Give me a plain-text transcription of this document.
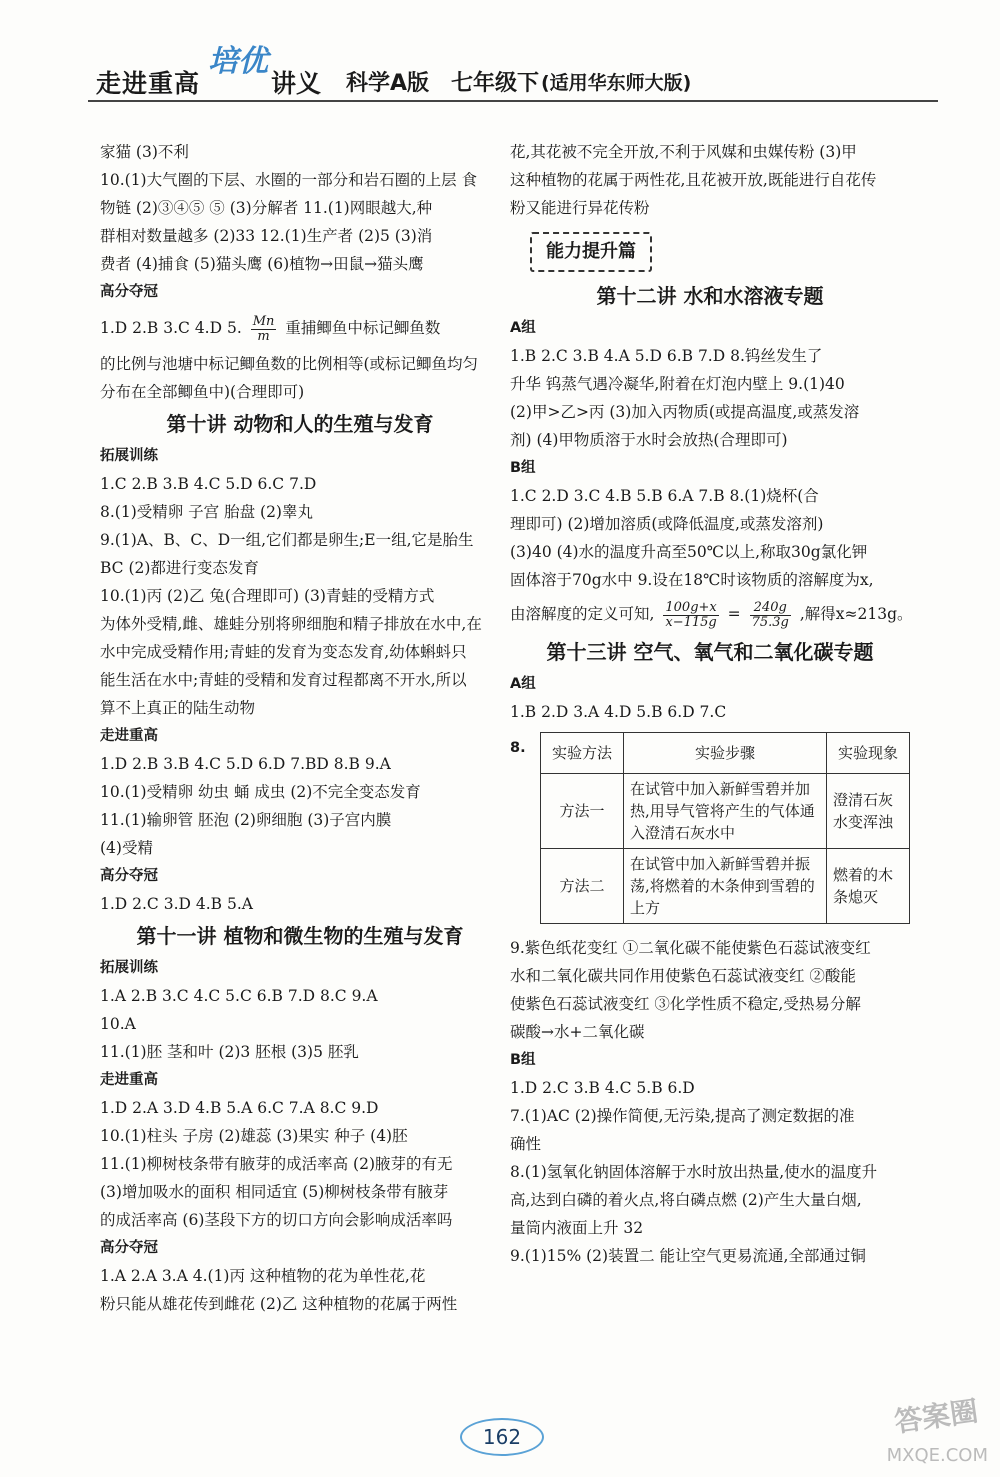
走进重高
培优
讲义 科学A版 七年级下 (适用华东师大版)
家猫 (3)不利
10.(1)大气圈的下层、水圈的一部分和岩石圈的上层 食
物链 (2)③④⑤ ⑤ (3)分解者 11.(1)网眼越大,种
群相对数量越多 (2)33 12.(1)生产者 (2)5 (3)消
费者 (4)捕食 (5)猫头鹰 (6)植物→田鼠→猫头鹰
高分夺冠
1.D 2.B 3.C 4.D 5. $\frac{Mn}{m}$ 重捕鲫鱼中标记鲫鱼数
的比例与池塘中标记鲫鱼数的比例相等(或标记鲫鱼均匀
分布在全部鲫鱼中)(合理即可)
第十讲 动物和人的生殖与发育
拓展训练
1.C 2.B 3.B 4.C 5.D 6.C 7.D
8.(1)受精卵 子宫 胎盘 (2)睾丸
9.(1)A、B、C、D一组,它们都是卵生;E一组,它是胎生
BC (2)都进行变态发育
10.(1)丙 (2)乙 兔(合理即可) (3)青蛙的受精方式
为体外受精,雌、雄蛙分别将卵细胞和精子排放在水中,在
水中完成受精作用;青蛙的发育为变态发育,幼体蝌蚪只
能生活在水中;青蛙的受精和发育过程都离不开水,所以
算不上真正的陆生动物
走进重高
1.D 2.B 3.B 4.C 5.D 6.D 7.BD 8.B 9.A
10.(1)受精卵 幼虫 蛹 成虫 (2)不完全变态发育
11.(1)输卵管 胚泡 (2)卵细胞 (3)子宫内膜
(4)受精
高分夺冠
1.D 2.C 3.D 4.B 5.A
第十一讲 植物和微生物的生殖与发育
拓展训练
1.A 2.B 3.C 4.C 5.C 6.B 7.D 8.C 9.A
10.A
11.(1)胚 茎和叶 (2)3 胚根 (3)5 胚乳
走进重高
1.D 2.A 3.D 4.B 5.A 6.C 7.A 8.C 9.D
10.(1)柱头 子房 (2)雄蕊 (3)果实 种子 (4)胚
11.(1)柳树枝条带有腋芽的成活率高 (2)腋芽的有无
(3)增加吸水的面积 相同适宜 (5)柳树枝条带有腋芽
的成活率高 (6)茎段下方的切口方向会影响成活率吗
高分夺冠
1.A 2.A 3.A 4.(1)丙 这种植物的花为单性花,花
粉只能从雄花传到雌花 (2)乙 这种植物的花属于两性
花,其花被不完全开放,不利于风媒和虫媒传粉 (3)甲
这种植物的花属于两性花,且花被开放,既能进行自花传
粉又能进行异花传粉
能力提升篇
第十二讲 水和水溶液专题
A组
1.B 2.C 3.B 4.A 5.D 6.B 7.D 8.钨丝发生了
升华 钨蒸气遇冷凝华,附着在灯泡内壁上 9.(1)40
(2)甲>乙>丙 (3)加入丙物质(或提高温度,或蒸发溶
剂) (4)甲物质溶于水时会放热(合理即可)
B组
1.C 2.D 3.C 4.B 5.B 6.A 7.B 8.(1)烧杯(合
理即可) (2)增加溶质(或降低温度,或蒸发溶剂)
(3)40 (4)水的温度升高至50℃以上,称取30g氯化钾
固体溶于70g水中 9.设在18℃时该物质的溶解度为x,
由溶解度的定义可知, $\frac{100g+x}{x-115g} = \frac{240g}{75.3g}$ ,解得x≈213g。
第十三讲 空气、氧气和二氧化碳专题
A组
1.B 2.D 3.A 4.D 5.B 6.D 7.C
8. 实验方法	实验步骤	实验现象
方法一	在试管中加入新鲜雪碧并加热,用导气管将产生的气体通入澄清石灰水中	澄清石灰水变浑浊
方法二	在试管中加入新鲜雪碧并振荡,将燃着的木条伸到雪碧的上方	燃着的木条熄灭
9.紫色纸花变红 ①二氧化碳不能使紫色石蕊试液变红
水和二氧化碳共同作用使紫色石蕊试液变红 ②酸能
使紫色石蕊试液变红 ③化学性质不稳定,受热易分解
碳酸→水+二氧化碳
B组
1.D 2.C 3.B 4.C 5.B 6.D
7.(1)AC (2)操作简便,无污染,提高了测定数据的准
确性
8.(1)氢氧化钠固体溶解于水时放出热量,使水的温度升
高,达到白磷的着火点,将白磷点燃 (2)产生大量白烟,
量筒内液面上升 32
9.(1)15% (2)装置二 能让空气更易流通,全部通过铜
162	答案圈
MXQE.COM
